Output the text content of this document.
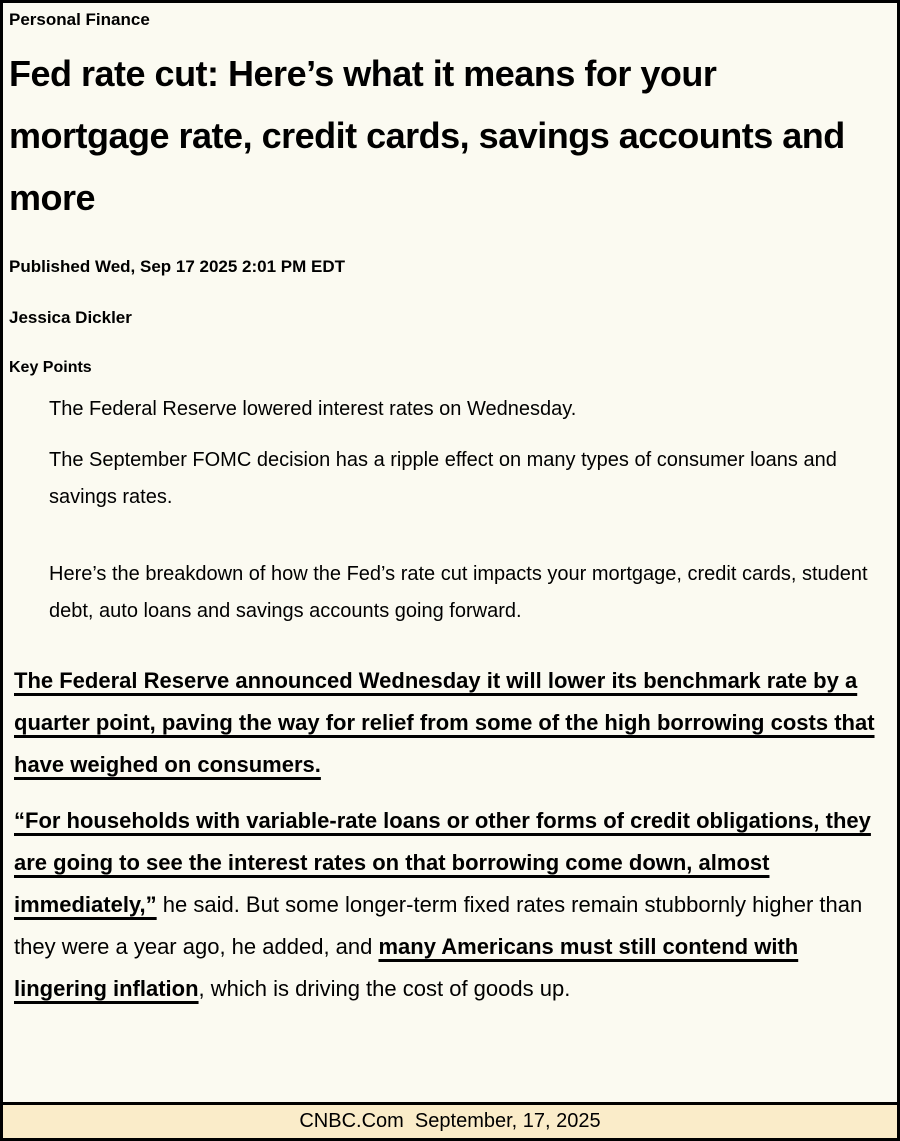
Personal Finance
Fed rate cut: Here’s what it means for your mortgage rate, credit cards, savings accounts and more
Published Wed, Sep 17 2025 2:01 PM EDT
Jessica Dickler
Key Points

The Federal Reserve lowered interest rates on Wednesday.

The September FOMC decision has a ripple effect on many types of consumer loans and savings rates.

Here’s the breakdown of how the Fed’s rate cut impacts your mortgage, credit cards, student debt, auto loans and savings accounts going forward.

The Federal Reserve announced Wednesday it will lower its benchmark rate by a quarter point, paving the way for relief from some of the high borrowing costs that have weighed on consumers.

“For households with variable-rate loans or other forms of credit obligations, they are going to see the interest rates on that borrowing come down, almost immediately,” he said. But some longer-term fixed rates remain stubbornly higher than they were a year ago, he added, and many Americans must still contend with lingering inflation, which is driving the cost of goods up.

CNBC.Com  September, 17, 2025
